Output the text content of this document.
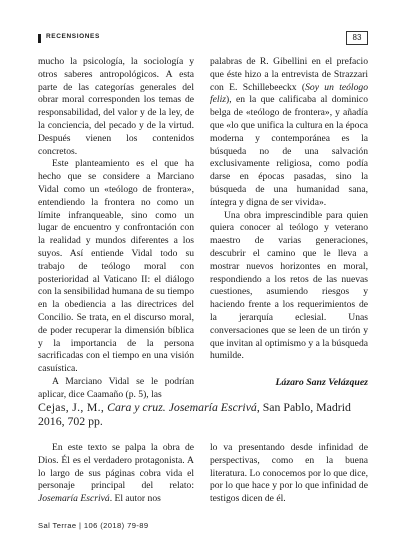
RECENSIONES	83

mucho la psicología, la sociología y otros saberes antropológicos. A esta parte de las categorías generales del obrar moral corresponden los temas de responsabilidad, del valor y de la ley, de la conciencia, del pecado y de la virtud. Después vienen los contenidos concretos.

Este planteamiento es el que ha hecho que se considere a Marciano Vidal como un «teólogo de frontera», entendiendo la frontera no como un límite infranqueable, sino como un lugar de encuentro y confrontación con la realidad y mundos diferentes a los suyos. Así entiende Vidal todo su trabajo de teólogo moral con posterioridad al Vaticano II: el diálogo con la sensibilidad humana de su tiempo en la obediencia a las directrices del Concilio. Se trata, en el discurso moral, de poder recuperar la dimensión bíblica y la importancia de la persona sacrificadas con el tiempo en una visión casuística.

A Marciano Vidal se le podrían aplicar, dice Caamaño (p. 5), las

palabras de R. Gibellini en el prefacio que éste hizo a la entrevista de Strazzari con E. Schillebeeckx (Soy un teólogo feliz), en la que calificaba al dominico belga de «teólogo de frontera», y añadía que «lo que unifica la cultura en la época moderna y contemporánea es la búsqueda no de una salvación exclusivamente religiosa, como podía darse en épocas pasadas, sino la búsqueda de una humanidad sana, íntegra y digna de ser vivida».

Una obra imprescindible para quien quiera conocer al teólogo y veterano maestro de varias generaciones, descubrir el camino que le lleva a mostrar nuevos horizontes en moral, respondiendo a los retos de las nuevas cuestiones, asumiendo riesgos y haciendo frente a los requerimientos de la jerarquía eclesial. Unas conversaciones que se leen de un tirón y que invitan al optimismo y a la búsqueda humilde.

Lázaro Sanz Velázquez
Cejas, J., M., Cara y cruz. Josemaría Escrivá, San Pablo, Madrid 2016, 702 pp.

En este texto se palpa la obra de Dios. Él es el verdadero protagonista. A lo largo de sus páginas cobra vida el personaje principal del relato: Josemaría Escrivá. El autor nos

lo va presentando desde infinidad de perspectivas, como en la buena literatura. Lo conocemos por lo que dice, por lo que hace y por lo que infinidad de testigos dicen de él.

Sal Terrae | 106 (2018) 79-89
